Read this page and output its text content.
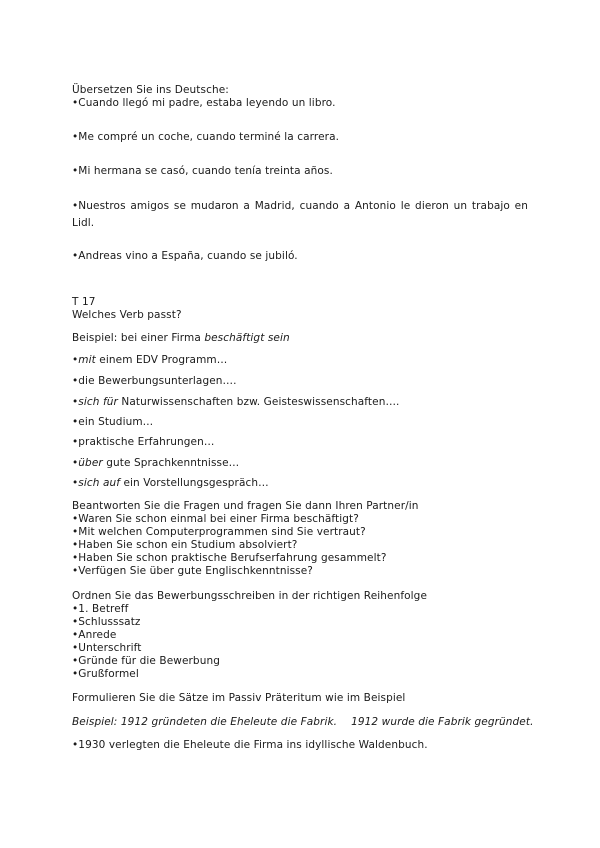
Übersetzen Sie ins Deutsche:
• Cuando llegó mi padre, estaba leyendo un libro.
• Me compré un coche, cuando terminé la carrera.
• Mi hermana se casó, cuando tenía treinta años.
• Nuestros amigos se mudaron a Madrid, cuando a Antonio le dieron un trabajo en Lidl.
• Andreas vino a España, cuando se jubiló.
T 17
Welches Verb passt?
Beispiel: bei einer Firma beschäftigt sein
• mit einem EDV Programm…
• die Bewerbungsunterlagen….
• sich für Naturwissenschaften bzw. Geisteswissenschaften….
• ein Studium…
• praktische Erfahrungen…
• über gute Sprachkenntnisse…
• sich auf ein Vorstellungsgespräch…
Beantworten Sie die Fragen und fragen Sie dann Ihren Partner/in
• Waren Sie schon einmal bei einer Firma beschäftigt?
• Mit welchen Computerprogrammen sind Sie vertraut?
• Haben Sie schon ein Studium absolviert?
• Haben Sie schon praktische Berufserfahrung gesammelt?
• Verfügen Sie über gute Englischkenntnisse?
Ordnen Sie das Bewerbungsschreiben in der richtigen Reihenfolge
• 1. Betreff
• Schlusssatz
• Anrede
• Unterschrift
• Gründe für die Bewerbung
• Grußformel
Formulieren Sie die Sätze im Passiv Präteritum wie im Beispiel
Beispiel: 1912 gründeten die Eheleute die Fabrik. 1912 wurde die Fabrik gegründet.
• 1930 verlegten die Eheleute die Firma ins idyllische Waldenbuch.
